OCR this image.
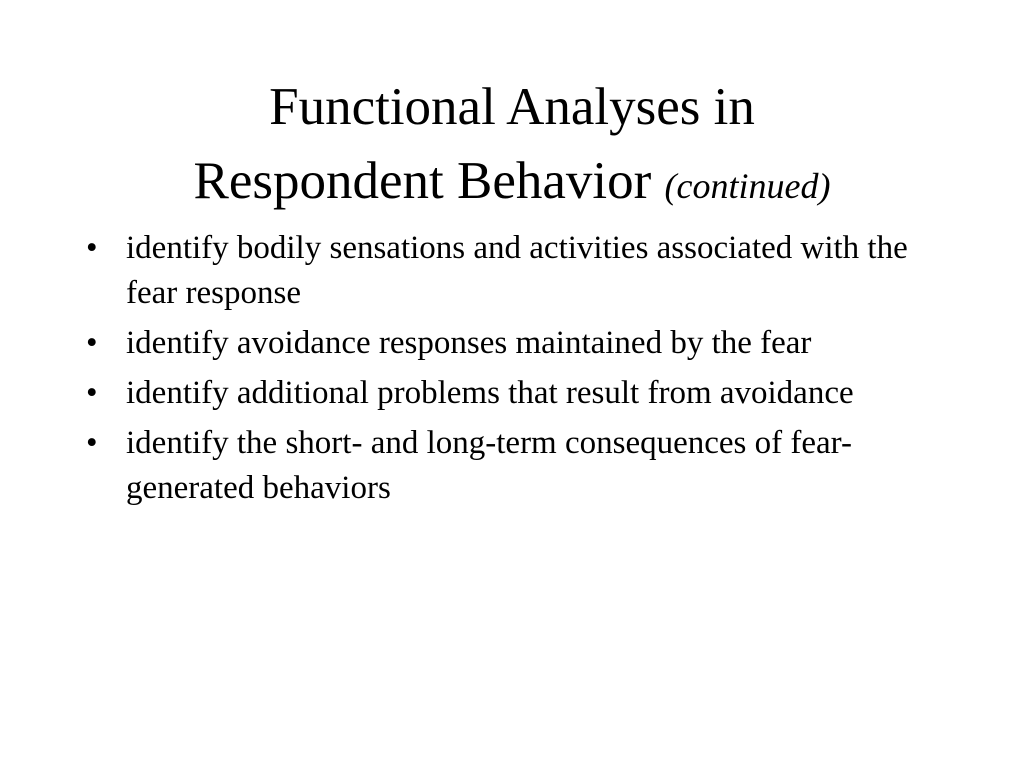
Functional Analyses in
Respondent Behavior (continued)
• identify bodily sensations and activities associated with the fear response
• identify avoidance responses maintained by the fear
• identify additional problems that result from avoidance
• identify the short- and long-term consequences of fear-generated behaviors
